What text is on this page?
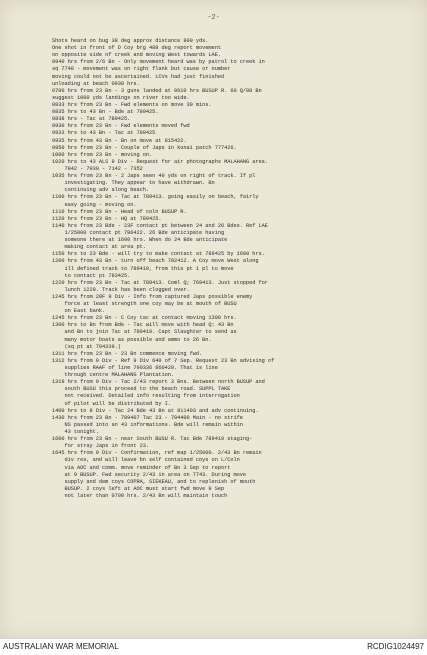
-2-
Shots heard on bug 38 deg approx distance 800 yds.
One shot in front of D Coy brg 488 deg report movement
on opposite side of creek and moving West towards LAE.
0940 hrs from 2/6 Bn - Only movement heard was by patrol to creek in
sq 7748 - movement was on right flank but cause or number
moving could not be ascertained. LCVs had just finished
unloading at beach 0930 hrs.
0700 hrs from 23 Bn - 3 guns landed at 0610 hrs BUSUP R. 60 Q/88 Bn
suggest 1000 yds landings on river too wide.
0833 hrs from 23 Bn - Fwd elements on move 30 mins.
0835 hrs to 43 Bn - Bde at 789425.
0838 hrs - Tac at 789425.
0930 hrs from 23 Bn - Fwd elements moved fwd
0933 hrs to 43 Bn - Tac at 789425
0935 hrs from 43 Bn - Bn on move at 815422.
0950 hrs from 23 Bn - Couple of Japs in kunai patch 777426.
1000 hrs from 23 Bn - moving on.
1020 hrs to 43 ALS 9 Div - Request for air photographs MALAHANG area.
7842 - 7930 - 7142 - 7352
1035 hrs from 23 Bn - 2 Japs seen 40 yds on right of track. If pl
investigating. They appear to have withdrawn. Bn
continuing adv along beach.
1100 hrs from 23 Bn - Tac at 789413. going easily on beach, fairly
easy going - moving on.
1110 hrs from 23 Bn - Head of coln BUSUP R.
1120 hrs from 23 Bn - HQ at 789425.
1140 hrs from 23 Bde - 23F contact pt between 24 and 26 Bdes. Ref LAE
1/25000 contact pt 786422. 26 Bde anticipate having
someone there at 1600 hrs. When do 24 Bde anticipate
making contact at area pt.
1150 hrs to 23 Bde - will try to make contact at 789425 by 1600 hrs.
1200 hrs from 43 Bn - turn off beach 782412. A Coy move West along
ill defined track to 789410, from this pt 1 pl to move
to contact pt 783425.
1220 hrs from 23 Bn - Tac at 789413. Coml Q; 769413. Just stopped for
lunch 1220. Track has been clogged over.
1245 hrs from 20F 9 Div - Info from captured Japs possible enemy
force at least strength one coy may be at mouth of BUSU
on East bank.
1245 hrs from 23 Bn - C Coy tac at contact moving 1300 hrs.
1300 hrs to Bn from Bde - Tac will move with head Q: 43 Bn
and Bn to join Tac at 789410. Capt Slaughter to send as
many motor boats as possible and ammo to 26 Bn.
(sq pt at 794339.)
1311 hrs from 23 Bn - 23 Bn commence moving fwd.
1312 hrs from 9 Div - Ref 9 Div 640 of 7 Sep. Request 23 Bn advising of
supplies RAAF of line 790336 860420. That is line
through centre MALAHANG Plantation.
1319 hrs from 9 Div - Tac 2/43 report 3 Bns. Between north BUSUP and
south BUSU this proceed to the beach road. SUPPL TAKE
not received. Detailed info resulting from interrogation
of pilot will be distributed by I.
1400 hrs to 9 Div - Tac 24 Bde 43 Bn at 811403 and adv continuing.
1430 hrs from 23 Bn - 789407 Tac 23 - 784400 Main - no strife
NS passed into an 43 informations. Bde will remain within
43 tonight.
1600 hrs from 23 Bn - near South BUSU R. Tac Bde 789410 staging-
for stray Japs in front 23.
1645 hrs from 9 Div - Confirmation, ref map 1/25000. 2/43 Bn remain
div res, and will leave bn self contained coys on L/Coln
via AOC and comm. move reminder of Bn 3 Sep to report
at 9 BUSUP. Fwd security 2/43 in area on 7743. During move
supply and dem coys COPRA, SIEKEAU, and to replenish of mouth
BUSUP. 2 coys left at AOC must start fwd move 9 Sep
not later than 0700 hrs. 2/43 Bn will maintain touch
AUSTRALIAN WAR MEMORIAL	RCDIG1024497
